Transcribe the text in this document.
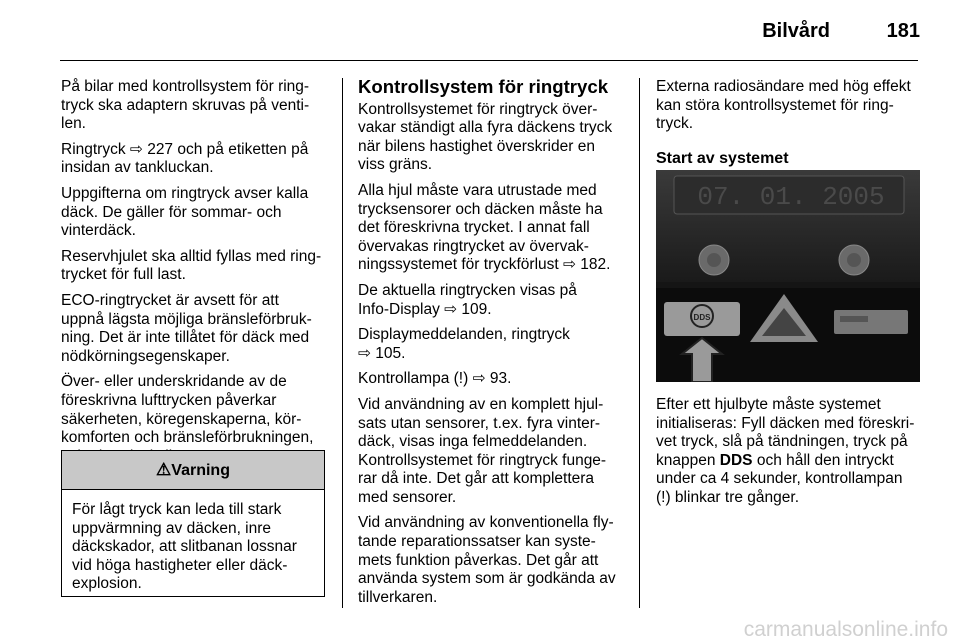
Bilvård	181

På bilar med kontrollsystem för ring-
tryck ska adaptern skruvas på venti-
len.

Ringtryck ⇨ 227 och på etiketten på
insidan av tankluckan.

Uppgifterna om ringtryck avser kalla
däck. De gäller för sommar- och
vinterdäck.

Reservhjulet ska alltid fyllas med ring-
trycket för full last.

ECO-ringtrycket är avsett för att
uppnå lägsta möjliga bränsleförbruk-
ning. Det är inte tillåtet för däck med
nödkörningsegenskaper.

Över- eller underskridande av de
föreskrivna lufttrycken påverkar
säkerheten, köregenskaperna, kör-
komforten och bränsleförbrukningen,

⚠Varning
För lågt tryck kan leda till stark
uppvärmning av däcken, inre
däckskador, att slitbanan lossnar
vid höga hastigheter eller däck-
explosion.
Kontrollsystem för ringtryck

Kontrollsystemet för ringtryck över-
vakar ständigt alla fyra däckens tryck
när bilens hastighet överskrider en
viss gräns.

Alla hjul måste vara utrustade med
trycksensorer och däcken måste ha
det föreskrivna trycket. I annat fall
övervakas ringtrycket av övervak-
ningssystemet för tryckförlust ⇨ 182.

De aktuella ringtrycken visas på
Info-Display ⇨ 109.

Displaymeddelanden, ringtryck
⇨ 105.

Kontrollampa (!) ⇨ 93.

Vid användning av en komplett hjul-
sats utan sensorer, t.ex. fyra vinter-
däck, visas inga felmeddelanden.
Kontrollsystemet för ringtryck funge-
rar då inte. Det går att komplettera
med sensorer.

Vid användning av konventionella fly-
tande reparationssatser kan syste-
mets funktion påverkas. Det går att
använda system som är godkända av
tillverkaren.

Externa radiosändare med hög effekt
kan störa kontrollsystemet för ring-
tryck.

Start av systemet
07. 01. 2005
DDS

Efter ett hjulbyte måste systemet
initialiseras: Fyll däcken med föreskri-
vet tryck, slå på tändningen, tryck på
knappen DDS och håll den intryckt
under ca 4 sekunder, kontrollampan
(!) blinkar tre gånger.

carmanualsonline.info
